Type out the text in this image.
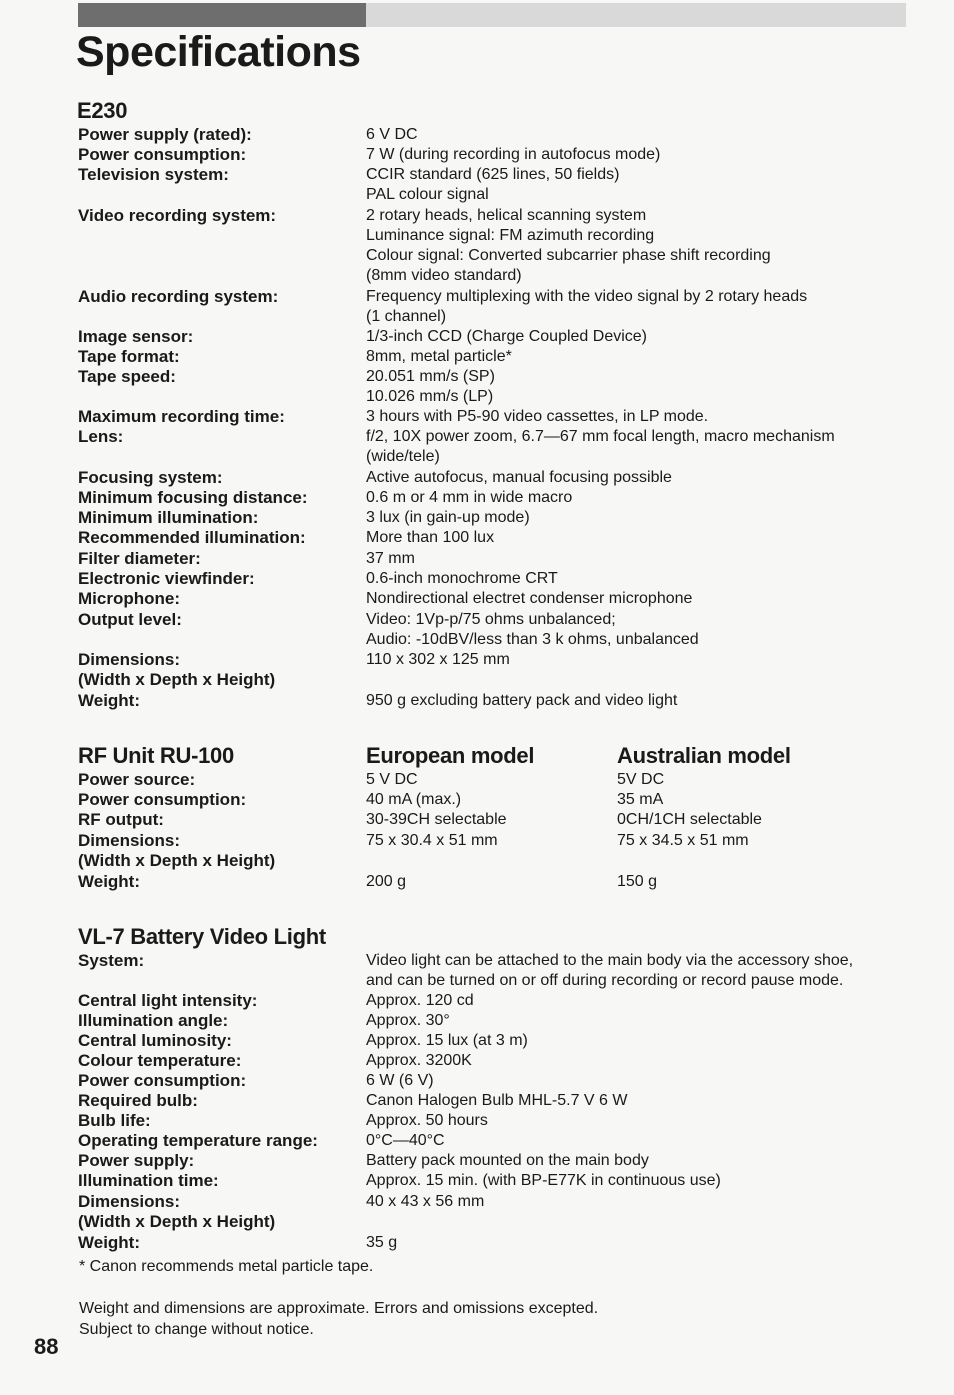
Specifications
E230
Power supply (rated):	6 V DC
Power consumption:	7 W (during recording in autofocus mode)
Television system:	CCIR standard (625 lines, 50 fields)
PAL colour signal
Video recording system:	2 rotary heads, helical scanning system
Luminance signal: FM azimuth recording
Colour signal: Converted subcarrier phase shift recording
(8mm video standard)
Audio recording system:	Frequency multiplexing with the video signal by 2 rotary heads
(1 channel)
Image sensor:	1/3-inch CCD (Charge Coupled Device)
Tape format:	8mm, metal particle*
Tape speed:	20.051 mm/s (SP)
10.026 mm/s (LP)
Maximum recording time:	3 hours with P5-90 video cassettes, in LP mode.
Lens:	f/2, 10X power zoom, 6.7—67 mm focal length, macro mechanism
(wide/tele)
Focusing system:	Active autofocus, manual focusing possible
Minimum focusing distance:	0.6 m or 4 mm in wide macro
Minimum illumination:	3 lux (in gain-up mode)
Recommended illumination:	More than 100 lux
Filter diameter:	37 mm
Electronic viewfinder:	0.6-inch monochrome CRT
Microphone:	Nondirectional electret condenser microphone
Output level:	Video: 1Vp-p/75 ohms unbalanced;
Audio: -10dBV/less than 3 k ohms, unbalanced
Dimensions:	110 x 302 x 125 mm
(Width x Depth x Height)
Weight:	950 g excluding battery pack and video light
RF Unit RU-100	European model	Australian model
Power source:	5 V DC	5V DC
Power consumption:	40 mA (max.)	35 mA
RF output:	30-39CH selectable	0CH/1CH selectable
Dimensions:	75 x 30.4 x 51 mm	75 x 34.5 x 51 mm
(Width x Depth x Height)
Weight:	200 g	150 g
VL-7 Battery Video Light
System:	Video light can be attached to the main body via the accessory shoe,
and can be turned on or off during recording or record pause mode.
Central light intensity:	Approx. 120 cd
Illumination angle:	Approx. 30°
Central luminosity:	Approx. 15 lux (at 3 m)
Colour temperature:	Approx. 3200K
Power consumption:	6 W (6 V)
Required bulb:	Canon Halogen Bulb MHL-5.7 V 6 W
Bulb life:	Approx. 50 hours
Operating temperature range:	0°C—40°C
Power supply:	Battery pack mounted on the main body
Illumination time:	Approx. 15 min. (with BP-E77K in continuous use)
Dimensions:	40 x 43 x 56 mm
(Width x Depth x Height)
Weight:	35 g
* Canon recommends metal particle tape.
Weight and dimensions are approximate. Errors and omissions excepted.
Subject to change without notice.
88
